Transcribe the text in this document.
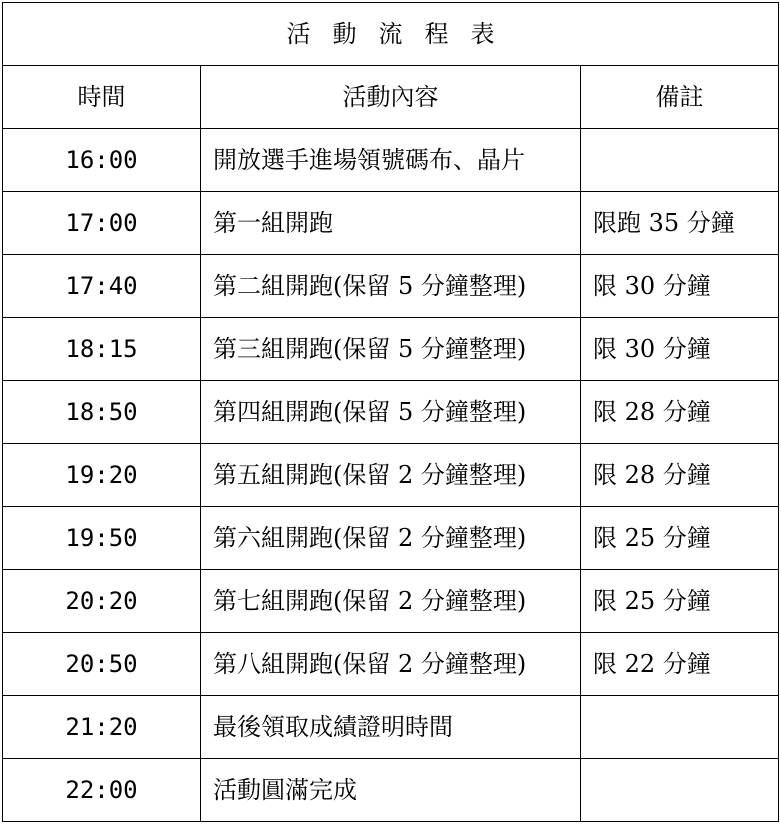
活動流程表		
時間	活動內容	備註
16:00	開放選手進場領號碼布、晶片	
17:00	第一組開跑	限跑 35 分鐘
17:40	第二組開跑(保留 5 分鐘整理)	限 30 分鐘
18:15	第三組開跑(保留 5 分鐘整理)	限 30 分鐘
18:50	第四組開跑(保留 5 分鐘整理)	限 28 分鐘
19:20	第五組開跑(保留 2 分鐘整理)	限 28 分鐘
19:50	第六組開跑(保留 2 分鐘整理)	限 25 分鐘
20:20	第七組開跑(保留 2 分鐘整理)	限 25 分鐘
20:50	第八組開跑(保留 2 分鐘整理)	限 22 分鐘
21:20	最後領取成績證明時間	
22:00	活動圓滿完成	
